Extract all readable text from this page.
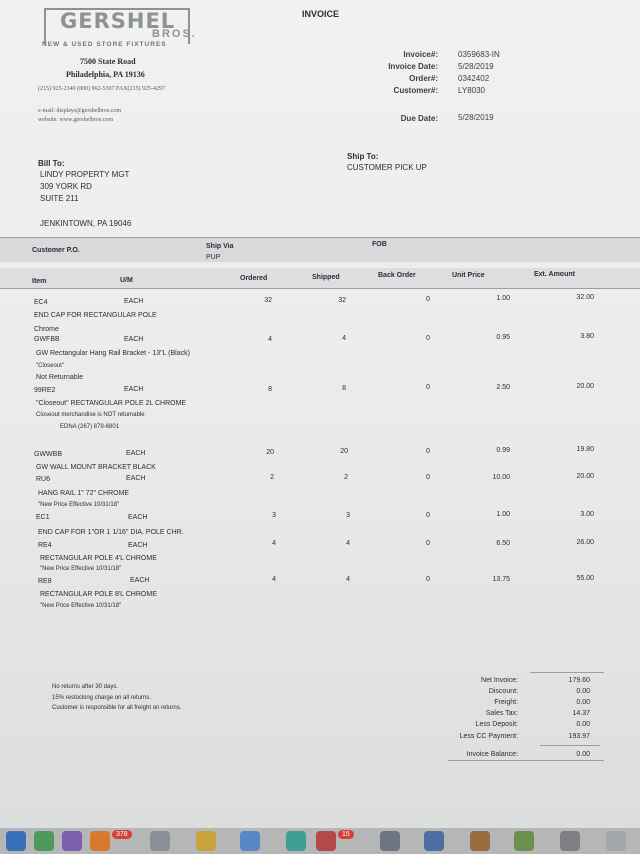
GERSHEL
BROS.
NEW & USED STORE FIXTURES
7500 State Road
Philadelphia, PA 19136
(215) 925-2340 (800) 962-5307 FAX(215) 925-4297
e-mail: displays@gershelbros.com
website: www.gershelbros.com
INVOICE
Invoice#:	0359683-IN
Invoice Date:	5/28/2019
Order#:	0342402
Customer#:	LY8030
Due Date:	5/28/2019
Bill To:
LINDY PROPERTY MGT
309 YORK RD
SUITE 211
JENKINTOWN, PA 19046
Ship To:
CUSTOMER PICK UP
Customer P.O.
Ship Via
PUP
FOB
Item	U/M	Ordered	Shipped	Back Order	Unit Price	Ext. Amount
EC4	EACH	32	32	0	1.00	32.00
END CAP FOR RECTANGULAR POLE
Chrome
GWFBB	EACH	4	4	0	0.95	3.80
GW Rectangular Hang Rail Bracket - 13"L (Black)
"Closeout"
Not Returnable
99RE2	EACH	8	8	0	2.50	20.00
"Closeout" RECTANGULAR POLE 2L CHROME
Closeout merchandise is NOT returnable
EDNA (267) 879-6801
GWWBB	EACH	20	20	0	0.99	19.80
GW WALL MOUNT BRACKET BLACK
RU6	EACH	2	2	0	10.00	20.00
HANG RAIL 1" 72" CHROME
"New Price Effective 10/31/18"
EC1	EACH	3	3	0	1.00	3.00
END CAP FOR 1"OR 1 1/16" DIA. POLE CHR.
RE4	EACH	4	4	0	6.50	26.00
RECTANGULAR POLE 4'L CHROME
"New Price Effective 10/31/18"
RE8	EACH	4	4	0	13.75	55.00
RECTANGULAR POLE 8'L CHROME
"New Price Effective 10/31/18"
No returns after 30 days.
15% restocking charge on all returns.
Customer is responsible for all freight on returns.
Net Invoice:	179.60
Discount:	0.00
Freight:	0.00
Sales Tax:	14.37
Less Deposit:	0.00
Less CC Payment:	193.97
Invoice Balance:	0.00
378	15
